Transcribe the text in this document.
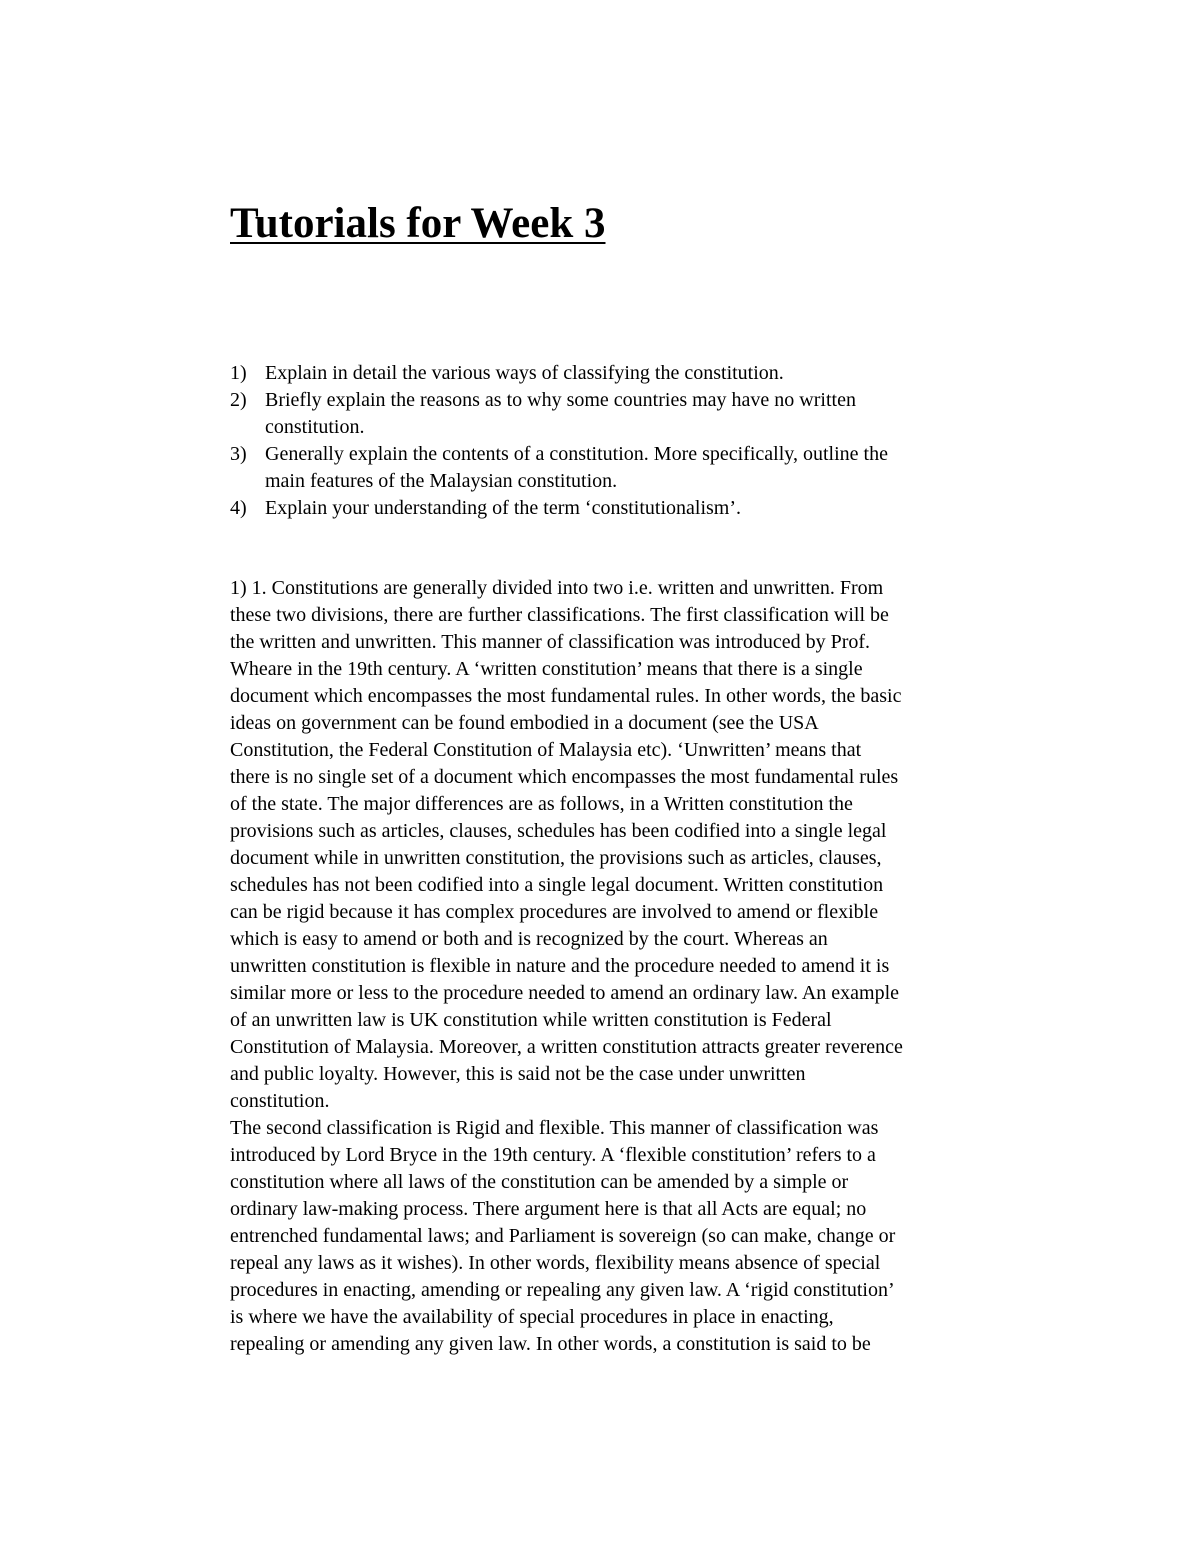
Tutorials for Week 3
1) Explain in detail the various ways of classifying the constitution.
2) Briefly explain the reasons as to why some countries may have no written
constitution.
3) Generally explain the contents of a constitution. More specifically, outline the
main features of the Malaysian constitution.
4) Explain your understanding of the term ‘constitutionalism’.
1) 1. Constitutions are generally divided into two i.e. written and unwritten. From
these two divisions, there are further classifications. The first classification will be
the written and unwritten. This manner of classification was introduced by Prof.
Wheare in the 19th century. A ‘written constitution’ means that there is a single
document which encompasses the most fundamental rules. In other words, the basic
ideas on government can be found embodied in a document (see the USA
Constitution, the Federal Constitution of Malaysia etc). ‘Unwritten’ means that
there is no single set of a document which encompasses the most fundamental rules
of the state. The major differences are as follows, in a Written constitution the
provisions such as articles, clauses, schedules has been codified into a single legal
document while in unwritten constitution, the provisions such as articles, clauses,
schedules has not been codified into a single legal document. Written constitution
can be rigid because it has complex procedures are involved to amend or flexible
which is easy to amend or both and is recognized by the court. Whereas an
unwritten constitution is flexible in nature and the procedure needed to amend it is
similar more or less to the procedure needed to amend an ordinary law. An example
of an unwritten law is UK constitution while written constitution is Federal
Constitution of Malaysia. Moreover, a written constitution attracts greater reverence
and public loyalty. However, this is said not be the case under unwritten
constitution.
The second classification is Rigid and flexible. This manner of classification was
introduced by Lord Bryce in the 19th century. A ‘flexible constitution’ refers to a
constitution where all laws of the constitution can be amended by a simple or
ordinary law-making process. There argument here is that all Acts are equal; no
entrenched fundamental laws; and Parliament is sovereign (so can make, change or
repeal any laws as it wishes). In other words, flexibility means absence of special
procedures in enacting, amending or repealing any given law. A ‘rigid constitution’
is where we have the availability of special procedures in place in enacting,
repealing or amending any given law. In other words, a constitution is said to be
